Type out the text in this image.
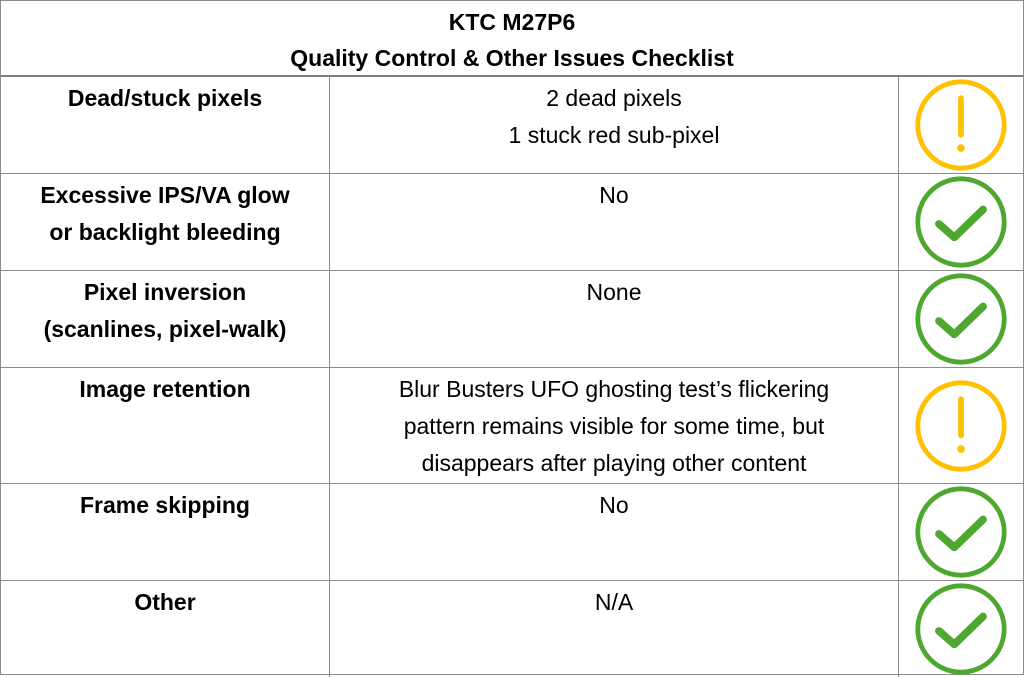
KTC M27P6
Quality Control & Other Issues Checklist
Dead/stuck pixels	2 dead pixels
1 stuck red sub-pixel

Excessive IPS/VA glow
or backlight bleeding	No

Pixel inversion
(scanlines, pixel-walk)	None

Image retention	Blur Busters UFO ghosting test’s flickering
pattern remains visible for some time, but
disappears after playing other content

Frame skipping	No

Other	N/A
